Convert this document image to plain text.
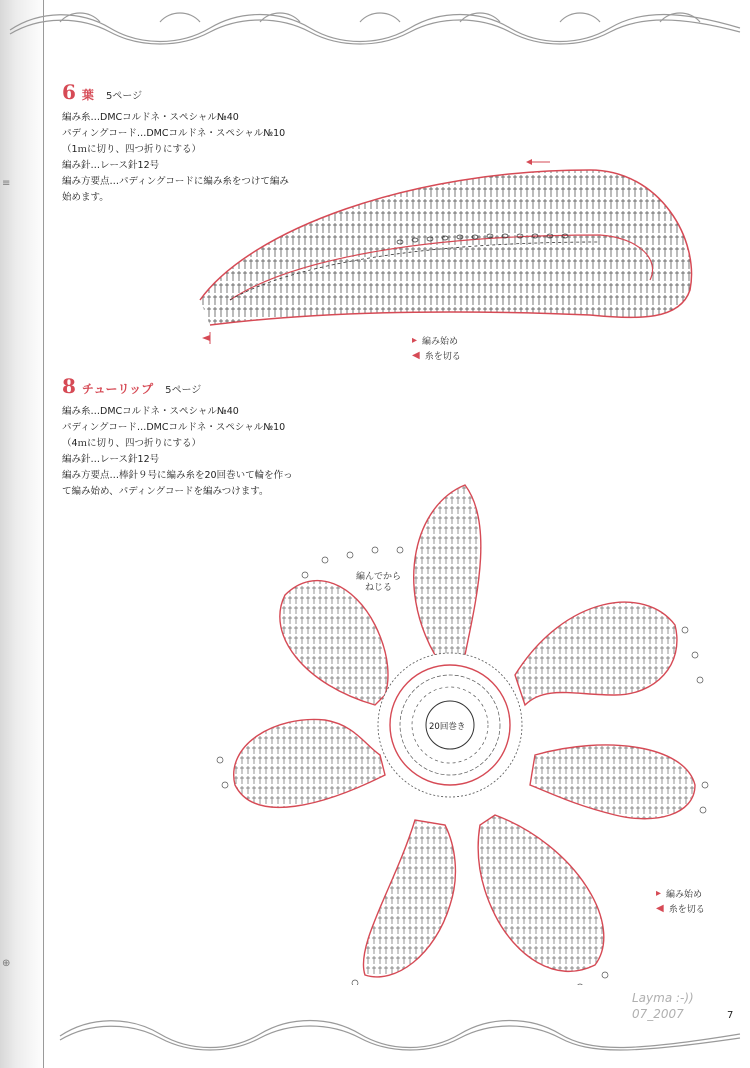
≡
⊕
6 葉 5ページ
編み糸…DMCコルドネ・スペシャル№40
パディングコード…DMCコルドネ・スペシャル№10
（1ｍに切り、四つ折りにする）
編み針…レース針12号
編み方要点…パディングコードに編み糸をつけて編み
始めます。
▸ 編み始め
◀ 糸を切る
8 チューリップ 5ページ
編み糸…DMCコルドネ・スペシャル№40
パディングコード…DMCコルドネ・スペシャル№10
（4ｍに切り、四つ折りにする）
編み針…レース針12号
編み方要点…棒針９号に編み糸を20回巻いて輪を作っ
て編み始め、パディングコードを編みつけます。
編んでから
ねじる
20回巻き
▸ 編み始め
◀ 糸を切る
Layma :-))
07_2007	7
